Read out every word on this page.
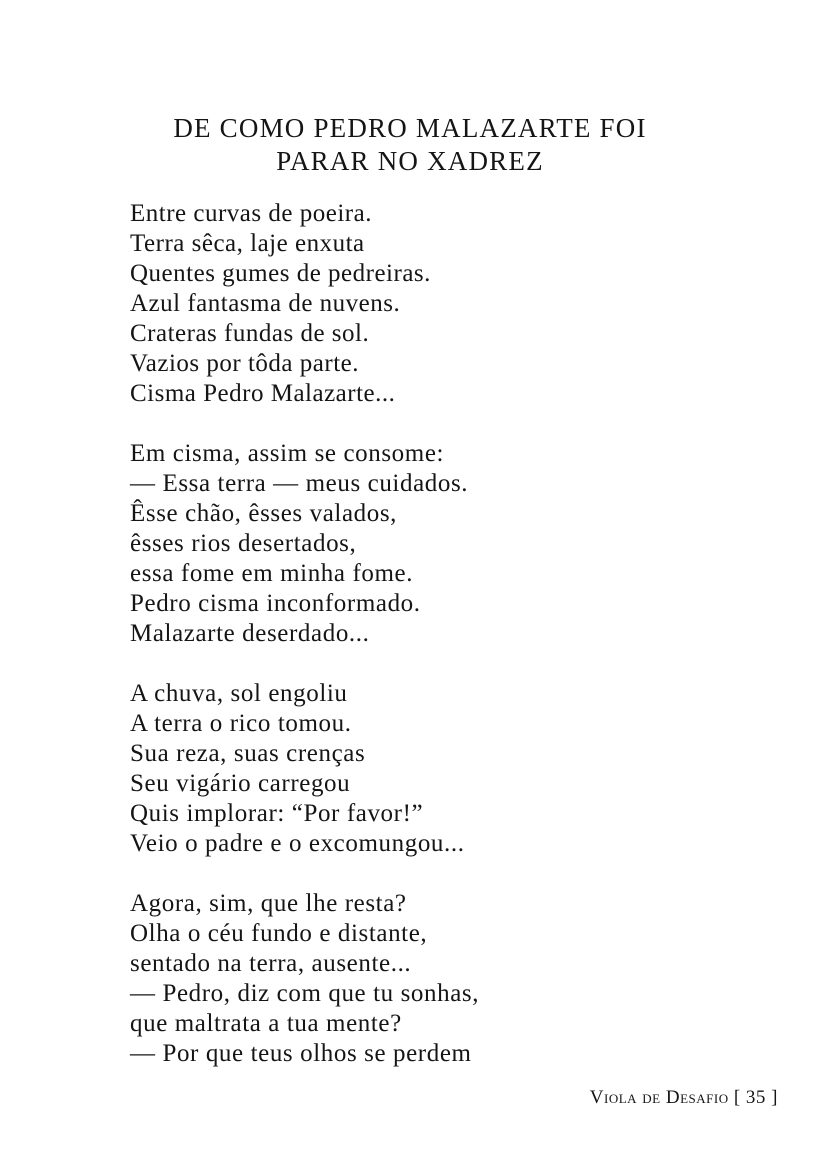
DE COMO PEDRO MALAZARTE FOI
PARAR NO XADREZ
Entre curvas de poeira.
Terra sêca, laje enxuta
Quentes gumes de pedreiras.
Azul fantasma de nuvens.
Crateras fundas de sol.
Vazios por tôda parte.
Cisma Pedro Malazarte...
Em cisma, assim se consome:
— Essa terra — meus cuidados.
Êsse chão, êsses valados,
êsses rios desertados,
essa fome em minha fome.
Pedro cisma inconformado.
Malazarte deserdado...
A chuva, sol engoliu
A terra o rico tomou.
Sua reza, suas crenças
Seu vigário carregou
Quis implorar: “Por favor!”
Veio o padre e o excomungou...
Agora, sim, que lhe resta?
Olha o céu fundo e distante,
sentado na terra, ausente...
— Pedro, diz com que tu sonhas,
que maltrata a tua mente?
— Por que teus olhos se perdem
Viola de Desafio [ 35 ]
